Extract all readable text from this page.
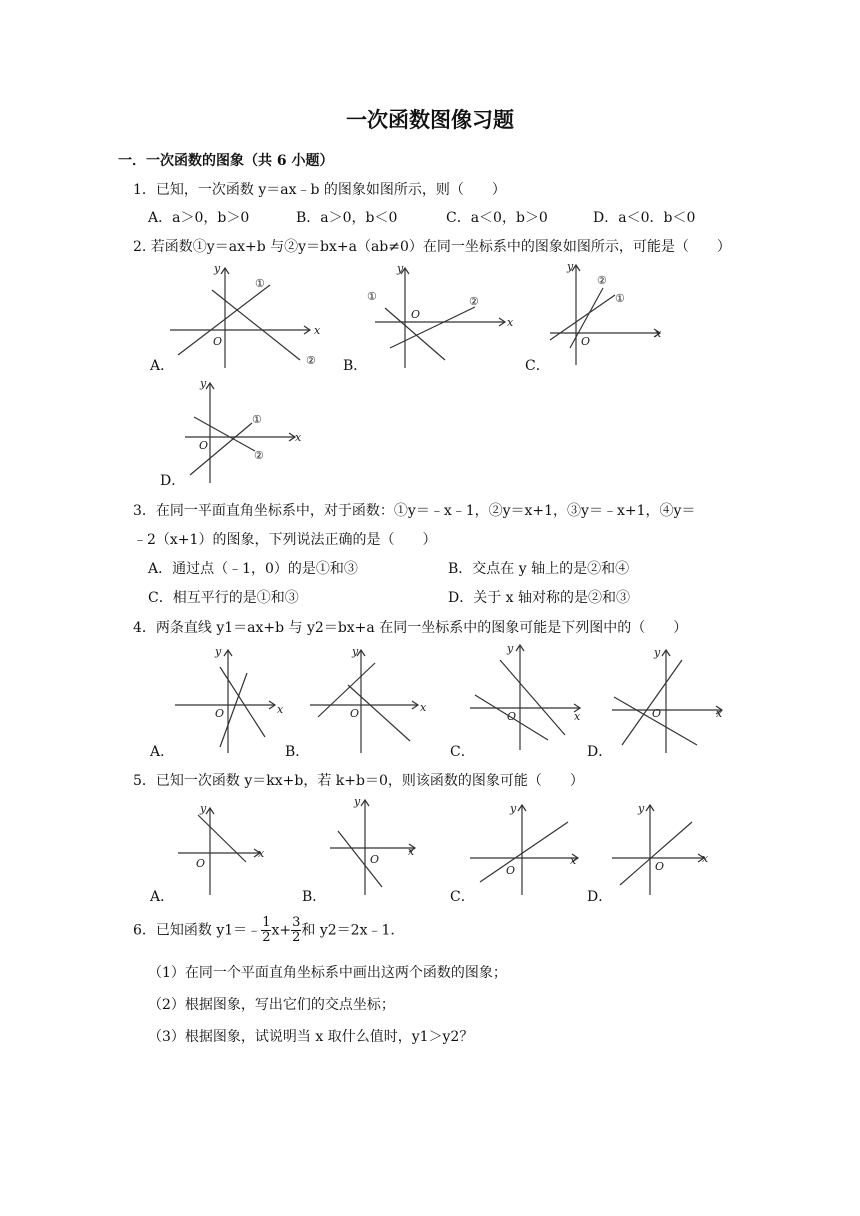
一次函数图像习题
一．一次函数的图象（共 6 小题）
1．已知，一次函数 y＝ax﹣b 的图象如图所示，则（　　）
A．a＞0，b＞0	B．a＞0，b＜0	C．a＜0，b＞0	D．a＜0．b＜0
2. 若函数①y＝ax+b 与②y＝bx+a（ab≠0）在同一坐标系中的图象如图所示，可能是（　　）
x
y
O
①
②
A．
x
y
O
①	②
B．
x
y
O
②
①
C．
x
y
O
①
②
D．
3．在同一平面直角坐标系中，对于函数：①y＝﹣x﹣1，②y＝x+1，③y＝﹣x+1，④y＝
﹣2（x+1）的图象，下列说法正确的是（　　）
A．通过点（﹣1，0）的是①和③	B．交点在 y 轴上的是②和④
C．相互平行的是①和③	D．关于 x 轴对称的是②和③
4．两条直线 y1＝ax+b 与 y2＝bx+a 在同一坐标系中的图象可能是下列图中的（　　）
x
y
O
A．
x
y
O
B．
x
y
O
C．
x
y
O
D．
5．已知一次函数 y＝kx+b，若 k+b＝0，则该函数的图象可能（　　）
x
y
O
A．
x
y
O
B．
x
y
O
C．
x
y
O
D．
6．已知函数 y1＝﹣ $\frac{1}{2} x+ \frac{3}{2}$ 和 y2＝2x﹣1．
（1）在同一个平面直角坐标系中画出这两个函数的图象；
（2）根据图象，写出它们的交点坐标；
（3）根据图象，试说明当 x 取什么值时，y1＞y2？
